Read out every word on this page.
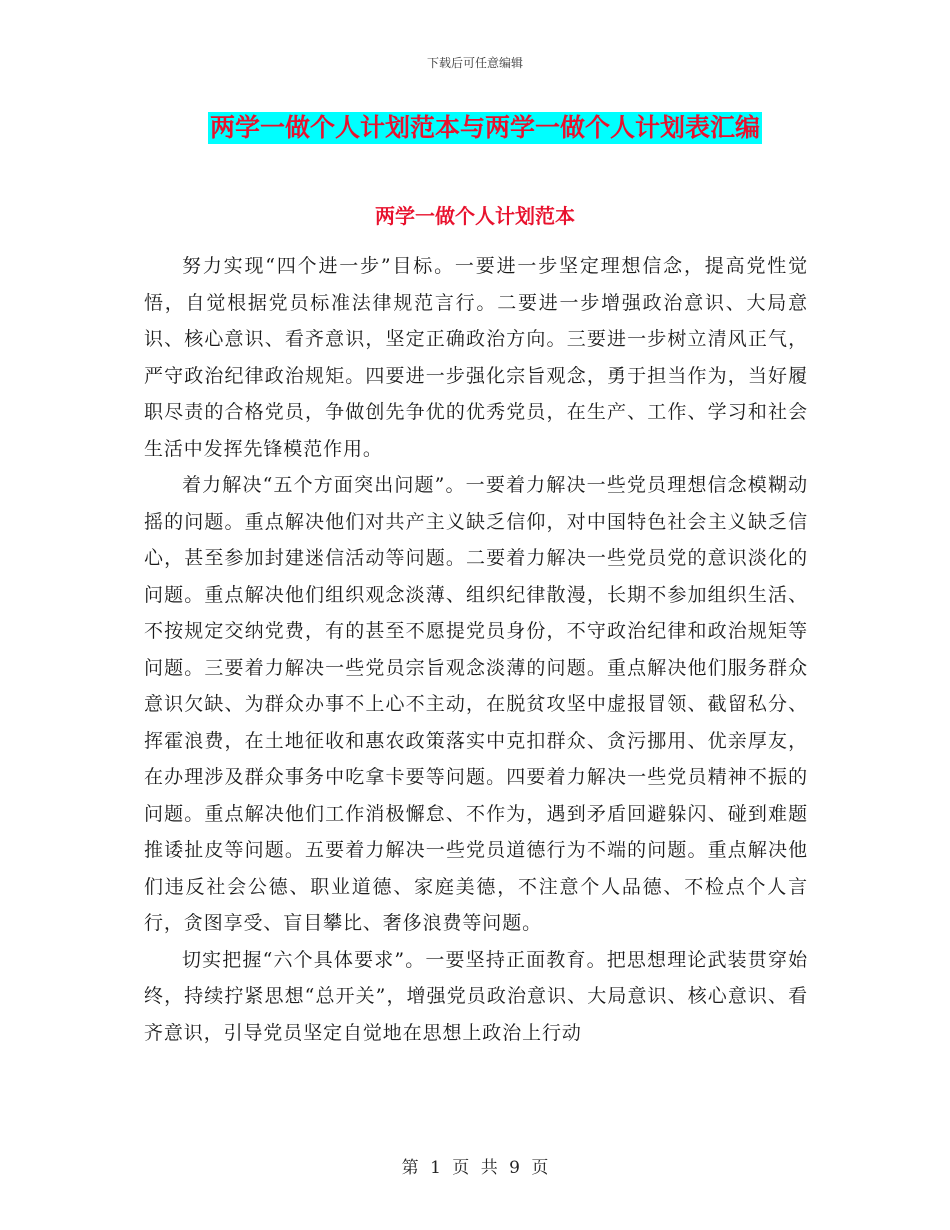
下载后可任意编辑
两学一做个人计划范本与两学一做个人计划表汇编
两学一做个人计划范本

努力实现“四个进一步”目标。一要进一步坚定理想信念，提高党性觉悟，自觉根据党员标准法律规范言行。二要进一步增强政治意识、大局意识、核心意识、看齐意识，坚定正确政治方向。三要进一步树立清风正气，严守政治纪律政治规矩。四要进一步强化宗旨观念，勇于担当作为，当好履职尽责的合格党员，争做创先争优的优秀党员，在生产、工作、学习和社会生活中发挥先锋模范作用。

着力解决“五个方面突出问题”。一要着力解决一些党员理想信念模糊动摇的问题。重点解决他们对共产主义缺乏信仰，对中国特色社会主义缺乏信心，甚至参加封建迷信活动等问题。二要着力解决一些党员党的意识淡化的问题。重点解决他们组织观念淡薄、组织纪律散漫，长期不参加组织生活、不按规定交纳党费，有的甚至不愿提党员身份，不守政治纪律和政治规矩等问题。三要着力解决一些党员宗旨观念淡薄的问题。重点解决他们服务群众意识欠缺、为群众办事不上心不主动，在脱贫攻坚中虚报冒领、截留私分、挥霍浪费，在土地征收和惠农政策落实中克扣群众、贪污挪用、优亲厚友，在办理涉及群众事务中吃拿卡要等问题。四要着力解决一些党员精神不振的问题。重点解决他们工作消极懈怠、不作为，遇到矛盾回避躲闪、碰到难题推诿扯皮等问题。五要着力解决一些党员道德行为不端的问题。重点解决他们违反社会公德、职业道德、家庭美德，不注意个人品德、不检点个人言行，贪图享受、盲目攀比、奢侈浪费等问题。

切实把握“六个具体要求”。一要坚持正面教育。把思想理论武装贯穿始终，持续拧紧思想“总开关”，增强党员政治意识、大局意识、核心意识、看齐意识，引导党员坚定自觉地在思想上政治上行动

第 1 页 共 9 页
